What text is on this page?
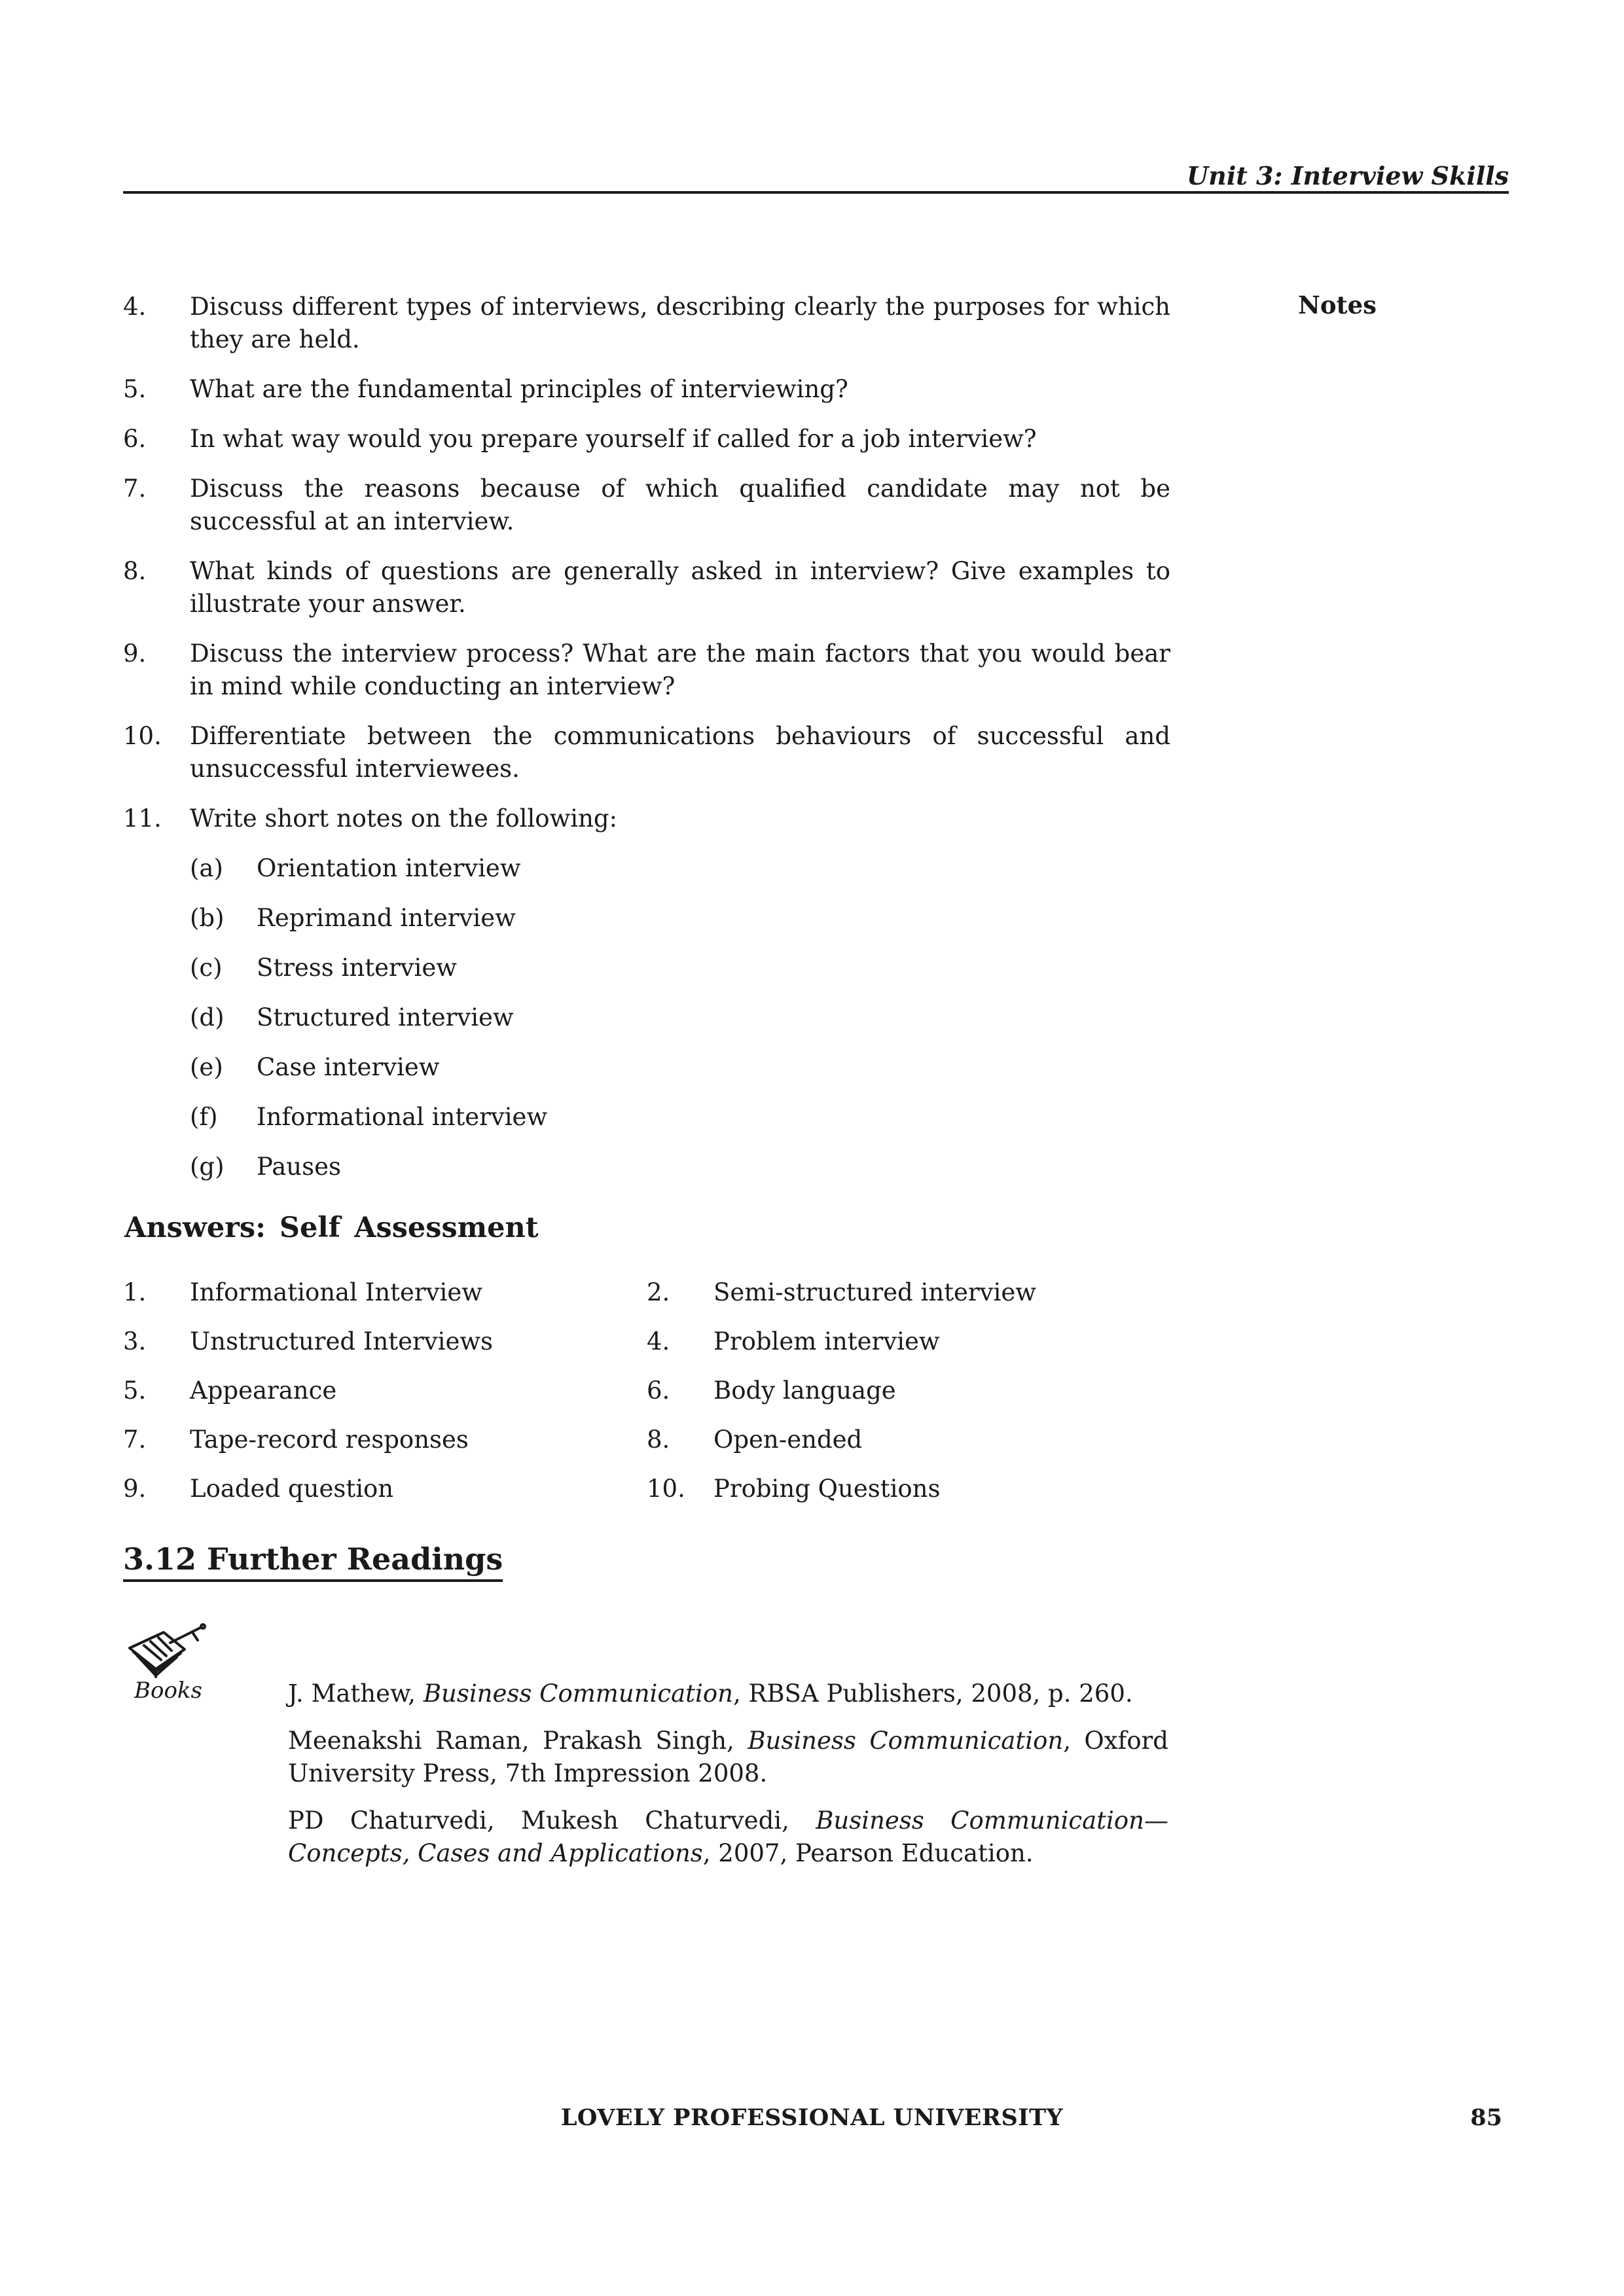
Unit 3: Interview Skills
Notes
4. Discuss different types of interviews, describing clearly the purposes for which they are held.
5. What are the fundamental principles of interviewing?
6. In what way would you prepare yourself if called for a job interview?
7. Discuss the reasons because of which qualified candidate may not be successful at an interview.
8. What kinds of questions are generally asked in interview? Give examples to illustrate your answer.
9. Discuss the interview process? What are the main factors that you would bear in mind while conducting an interview?
10. Differentiate between the communications behaviours of successful and unsuccessful interviewees.
11. Write short notes on the following:
(a) Orientation interview
(b) Reprimand interview
(c) Stress interview
(d) Structured interview
(e) Case interview
(f) Informational interview
(g) Pauses
Answers: Self Assessment
1. Informational Interview	2. Semi-structured interview
3. Unstructured Interviews	4. Problem interview
5. Appearance	6. Body language
7. Tape-record responses	8. Open-ended
9. Loaded question	10. Probing Questions
3.12 Further Readings
Books	J. Mathew, Business Communication, RBSA Publishers, 2008, p. 260.
Meenakshi Raman, Prakash Singh, Business Communication, Oxford University Press, 7th Impression 2008.
PD Chaturvedi, Mukesh Chaturvedi, Business Communication—Concepts, Cases and Applications, 2007, Pearson Education.
LOVELY PROFESSIONAL UNIVERSITY	85
